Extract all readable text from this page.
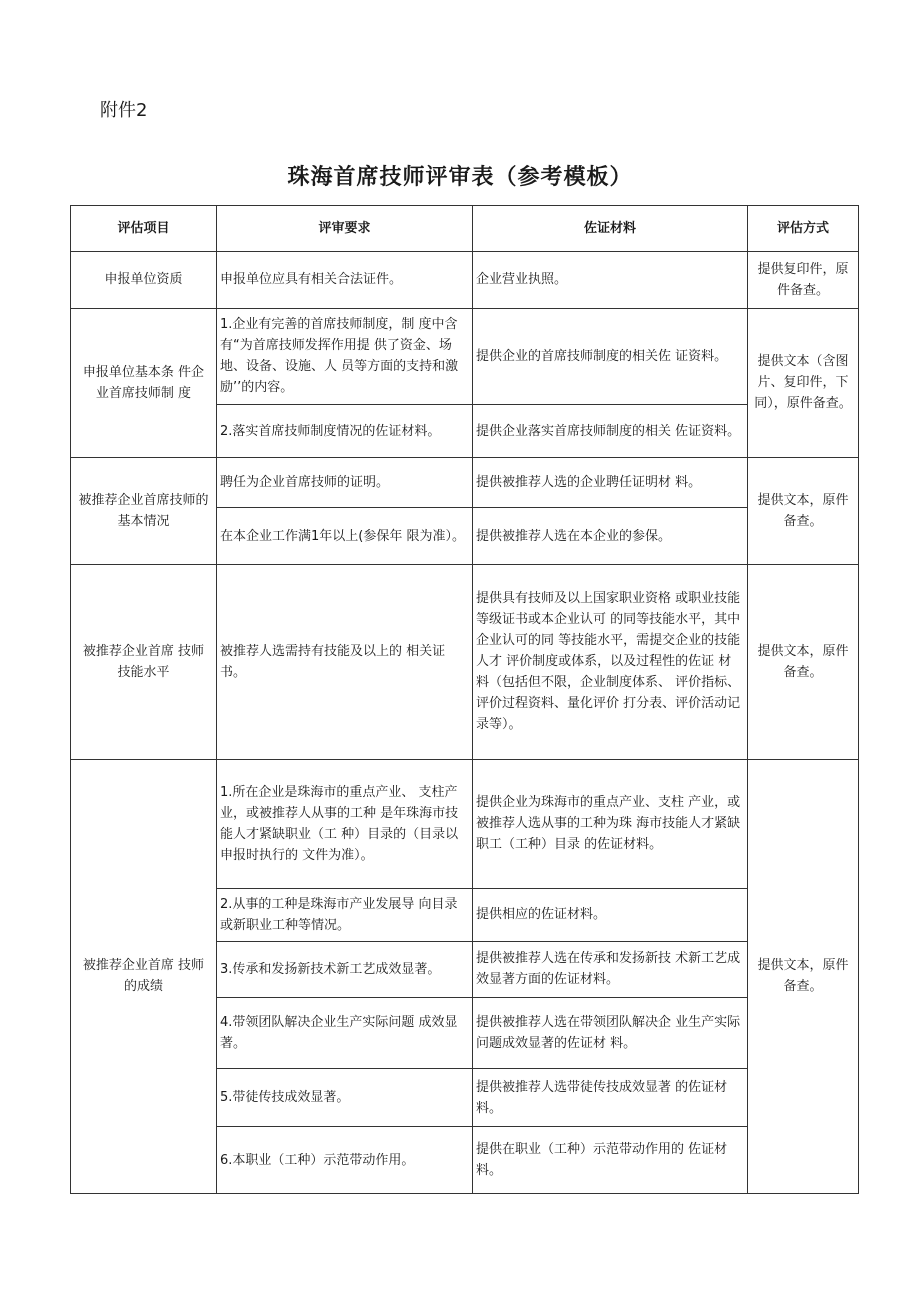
附件2
珠海首席技师评审表（参考模板）
评估项目	评审要求	佐证材料	评估方式
申报单位资质	申报单位应具有相关合法证件。	企业营业执照。	提供复印件，原件备查。
申报单位基本条 件企业首席技师制 度	1.企业有完善的首席技师制度，制 度中含有“为首席技师发挥作用提 供了资金、场地、设备、设施、人 员等方面的支持和激励’’的内容。	提供企业的首席技师制度的相关佐 证资料。	提供文本（含图片、复印件，下同），原件备查。
	2.落实首席技师制度情况的佐证材料。	提供企业落实首席技师制度的相关 佐证资料。	
被推荐企业首席技师的基本情况	聘任为企业首席技师的证明。	提供被推荐人选的企业聘任证明材 料。	提供文本，原件备查。
	在本企业工作满1年以上(参保年 限为准）。	提供被推荐人选在本企业的参保。	
被推荐企业首席 技师技能水平	被推荐人选需持有技能及以上的 相关证书。	提供具有技师及以上国家职业资格 或职业技能等级证书或本企业认可 的同等技能水平，其中企业认可的同 等技能水平，需提交企业的技能人才 评价制度或体系，以及过程性的佐证 材料（包括但不限，企业制度体系、 评价指标、评价过程资料、量化评价 打分表、评价活动记录等）。	提供文本，原件备查。
被推荐企业首席 技师的成绩	1.所在企业是珠海市的重点产业、 支柱产业，或被推荐人从事的工种 是年珠海市技能人才紧缺职业（工 种）目录的（目录以申报时执行的 文件为准）。	提供企业为珠海市的重点产业、支柱 产业，或被推荐人选从事的工种为珠 海市技能人才紧缺职工（工种）目录 的佐证材料。	提供文本，原件备查。
	2.从事的工种是珠海市产业发展导 向目录或新职业工种等情况。	提供相应的佐证材料。	
	3.传承和发扬新技术新工艺成效显著。	提供被推荐人选在传承和发扬新技 术新工艺成效显著方面的佐证材料。	
	4.带领团队解决企业生产实际问题 成效显著。	提供被推荐人选在带领团队解决企 业生产实际问题成效显著的佐证材 料。	
	5.带徒传技成效显著。	提供被推荐人选带徒传技成效显著 的佐证材料。	
	6.本职业（工种）示范带动作用。	提供在职业（工种）示范带动作用的 佐证材料。	
